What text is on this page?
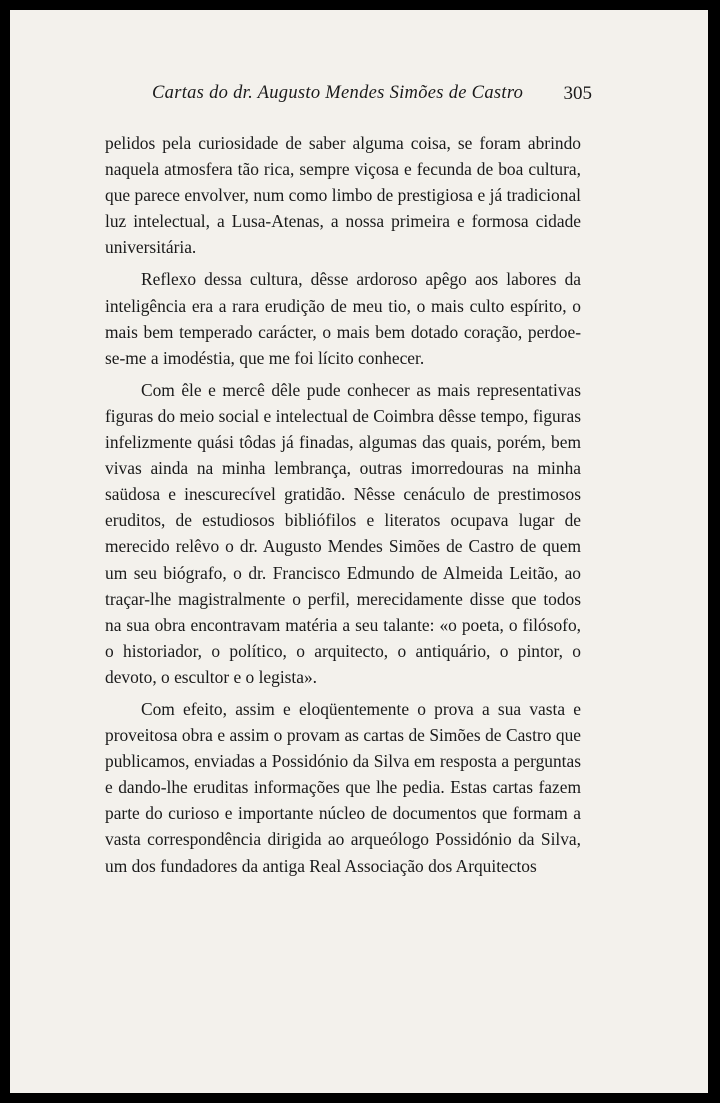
Cartas do dr. Augusto Mendes Simões de Castro 305

pelidos pela curiosidade de saber alguma coisa, se foram abrindo naquela atmosfera tão rica, sempre viçosa e fecunda de boa cultura, que parece envolver, num como limbo de prestigiosa e já tradicional luz intelectual, a Lusa-Atenas, a nossa primeira e formosa cidade universitária.

Reflexo dessa cultura, dêsse ardoroso apêgo aos labores da inteligência era a rara erudição de meu tio, o mais culto espírito, o mais bem temperado carácter, o mais bem dotado coração, perdoe-se-me a imodéstia, que me foi lícito conhecer.

Com êle e mercê dêle pude conhecer as mais representativas figuras do meio social e intelectual de Coimbra dêsse tempo, figuras infelizmente quási tôdas já finadas, algumas das quais, porém, bem vivas ainda na minha lembrança, outras imorredouras na minha saüdosa e inescurecível gratidão. Nêsse cenáculo de prestimosos eruditos, de estudiosos bibliófilos e literatos ocupava lugar de merecido relêvo o dr. Augusto Mendes Simões de Castro de quem um seu biógrafo, o dr. Francisco Edmundo de Almeida Leitão, ao traçar-lhe magistralmente o perfil, merecidamente disse que todos na sua obra encontravam matéria a seu talante: «o poeta, o filósofo, o historiador, o político, o arquitecto, o antiquário, o pintor, o devoto, o escultor e o legista».

Com efeito, assim e eloqüentemente o prova a sua vasta e proveitosa obra e assim o provam as cartas de Simões de Castro que publicamos, enviadas a Possidónio da Silva em resposta a perguntas e dando-lhe eruditas informações que lhe pedia. Estas cartas fazem parte do curioso e importante núcleo de documentos que formam a vasta correspondência dirigida ao arqueólogo Possidónio da Silva, um dos fundadores da antiga Real Associação dos Arquitectos
